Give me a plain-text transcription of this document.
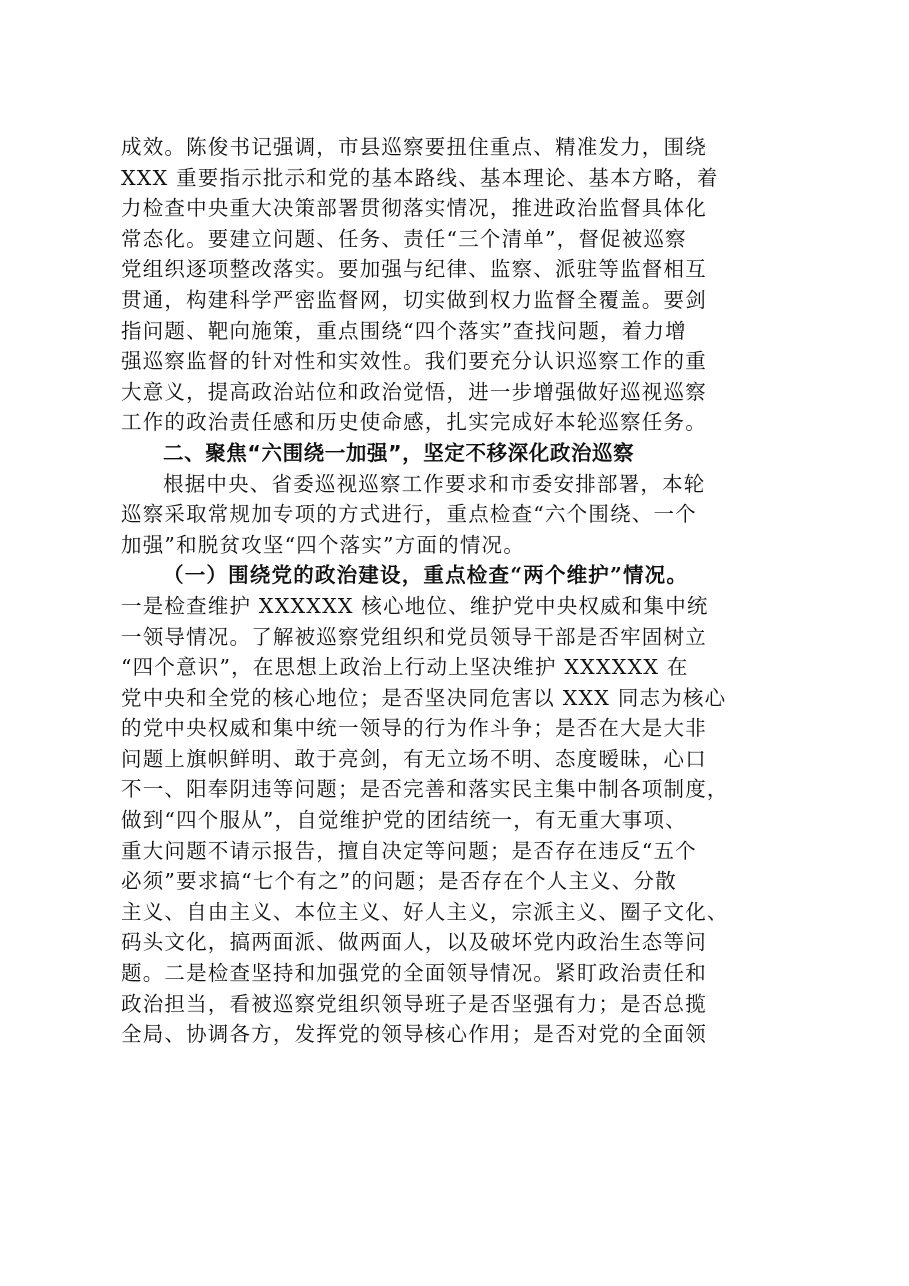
成效。陈俊书记强调，市县巡察要扭住重点、精准发力，围绕
XXX 重要指示批示和党的基本路线、基本理论、基本方略，着
力检查中央重大决策部署贯彻落实情况，推进政治监督具体化
常态化。要建立问题、任务、责任“三个清单”，督促被巡察
党组织逐项整改落实。要加强与纪律、监察、派驻等监督相互
贯通，构建科学严密监督网，切实做到权力监督全覆盖。要剑
指问题、靶向施策，重点围绕“四个落实”查找问题，着力增
强巡察监督的针对性和实效性。我们要充分认识巡察工作的重
大意义，提高政治站位和政治觉悟，进一步增强做好巡视巡察
工作的政治责任感和历史使命感，扎实完成好本轮巡察任务。
二、聚焦“六围绕一加强”，坚定不移深化政治巡察
根据中央、省委巡视巡察工作要求和市委安排部署，本轮
巡察采取常规加专项的方式进行，重点检查“六个围绕、一个
加强”和脱贫攻坚“四个落实”方面的情况。
（一）围绕党的政治建设，重点检查“两个维护”情况。
一是检查维护 XXXXXX 核心地位、维护党中央权威和集中统
一领导情况。了解被巡察党组织和党员领导干部是否牢固树立
“四个意识”，在思想上政治上行动上坚决维护 XXXXXX 在
党中央和全党的核心地位；是否坚决同危害以 XXX 同志为核心
的党中央权威和集中统一领导的行为作斗争；是否在大是大非
问题上旗帜鲜明、敢于亮剑，有无立场不明、态度暧昧，心口
不一、阳奉阴违等问题；是否完善和落实民主集中制各项制度，
做到“四个服从”，自觉维护党的团结统一，有无重大事项、
重大问题不请示报告，擅自决定等问题；是否存在违反“五个
必须”要求搞“七个有之”的问题；是否存在个人主义、分散
主义、自由主义、本位主义、好人主义，宗派主义、圈子文化、
码头文化，搞两面派、做两面人，以及破坏党内政治生态等问
题。二是检查坚持和加强党的全面领导情况。紧盯政治责任和
政治担当，看被巡察党组织领导班子是否坚强有力；是否总揽
全局、协调各方，发挥党的领导核心作用；是否对党的全面领
